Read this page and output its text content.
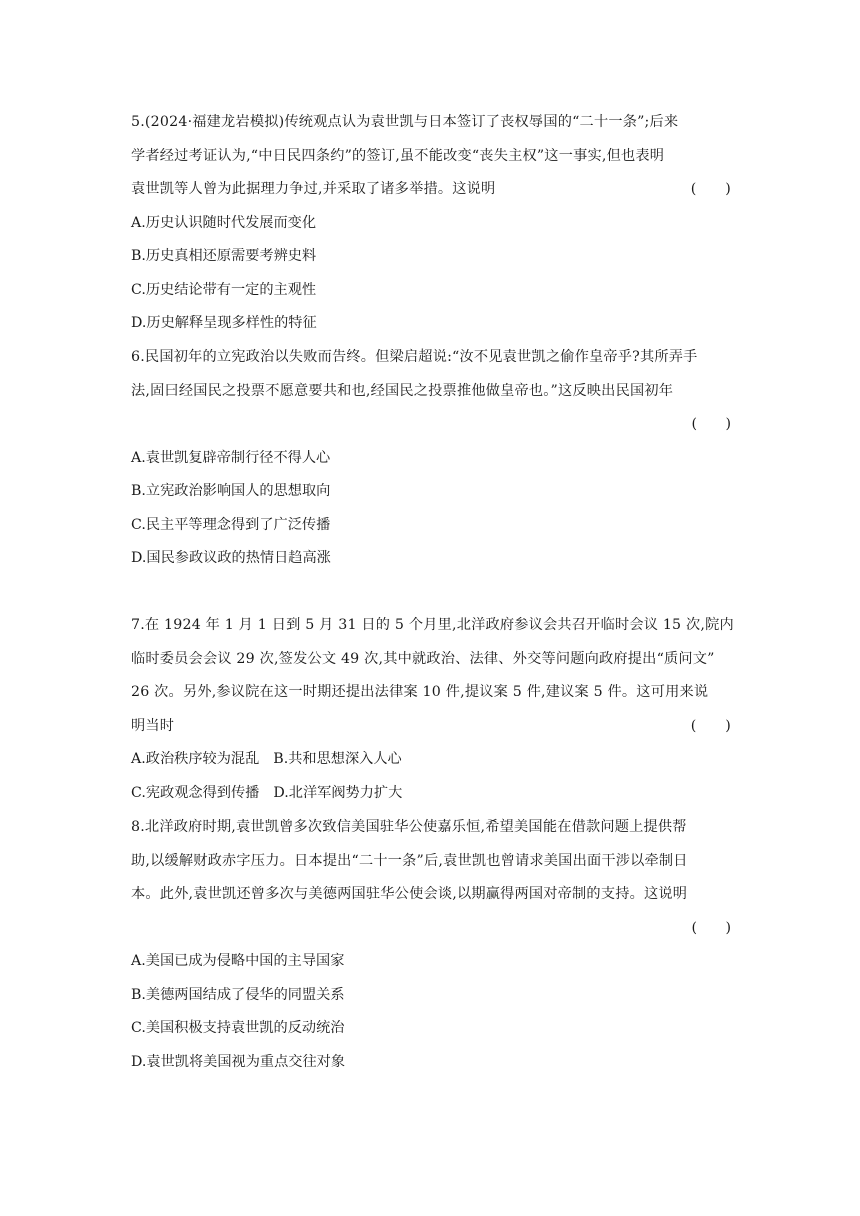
5.(2024·福建龙岩模拟)传统观点认为袁世凯与日本签订了丧权辱国的“二十一条”;后来
学者经过考证认为,“中日民四条约”的签订,虽不能改变“丧失主权”这一事实,但也表明
袁世凯等人曾为此据理力争过,并采取了诸多举措。这说明	(　　)
A.历史认识随时代发展而变化
B.历史真相还原需要考辨史料
C.历史结论带有一定的主观性
D.历史解释呈现多样性的特征
6.民国初年的立宪政治以失败而告终。但梁启超说:“汝不见袁世凯之偷作皇帝乎?其所弄手
法,固曰经国民之投票不愿意要共和也,经国民之投票推他做皇帝也。”这反映出民国初年
(　　)
A.袁世凯复辟帝制行径不得人心
B.立宪政治影响国人的思想取向
C.民主平等理念得到了广泛传播
D.国民参政议政的热情日趋高涨
7.在 1924 年 1 月 1 日到 5 月 31 日的 5 个月里,北洋政府参议会共召开临时会议 15 次,院内
临时委员会会议 29 次,签发公文 49 次,其中就政治、法律、外交等问题向政府提出“质问文”
26 次。另外,参议院在这一时期还提出法律案 10 件,提议案 5 件,建议案 5 件。这可用来说
明当时	(　　)
A.政治秩序较为混乱 B.共和思想深入人心
C.宪政观念得到传播 D.北洋军阀势力扩大
8.北洋政府时期,袁世凯曾多次致信美国驻华公使嘉乐恒,希望美国能在借款问题上提供帮
助,以缓解财政赤字压力。日本提出“二十一条”后,袁世凯也曾请求美国出面干涉以牵制日
本。此外,袁世凯还曾多次与美德两国驻华公使会谈,以期赢得两国对帝制的支持。这说明
(　　)
A.美国已成为侵略中国的主导国家
B.美德两国结成了侵华的同盟关系
C.美国积极支持袁世凯的反动统治
D.袁世凯将美国视为重点交往对象
